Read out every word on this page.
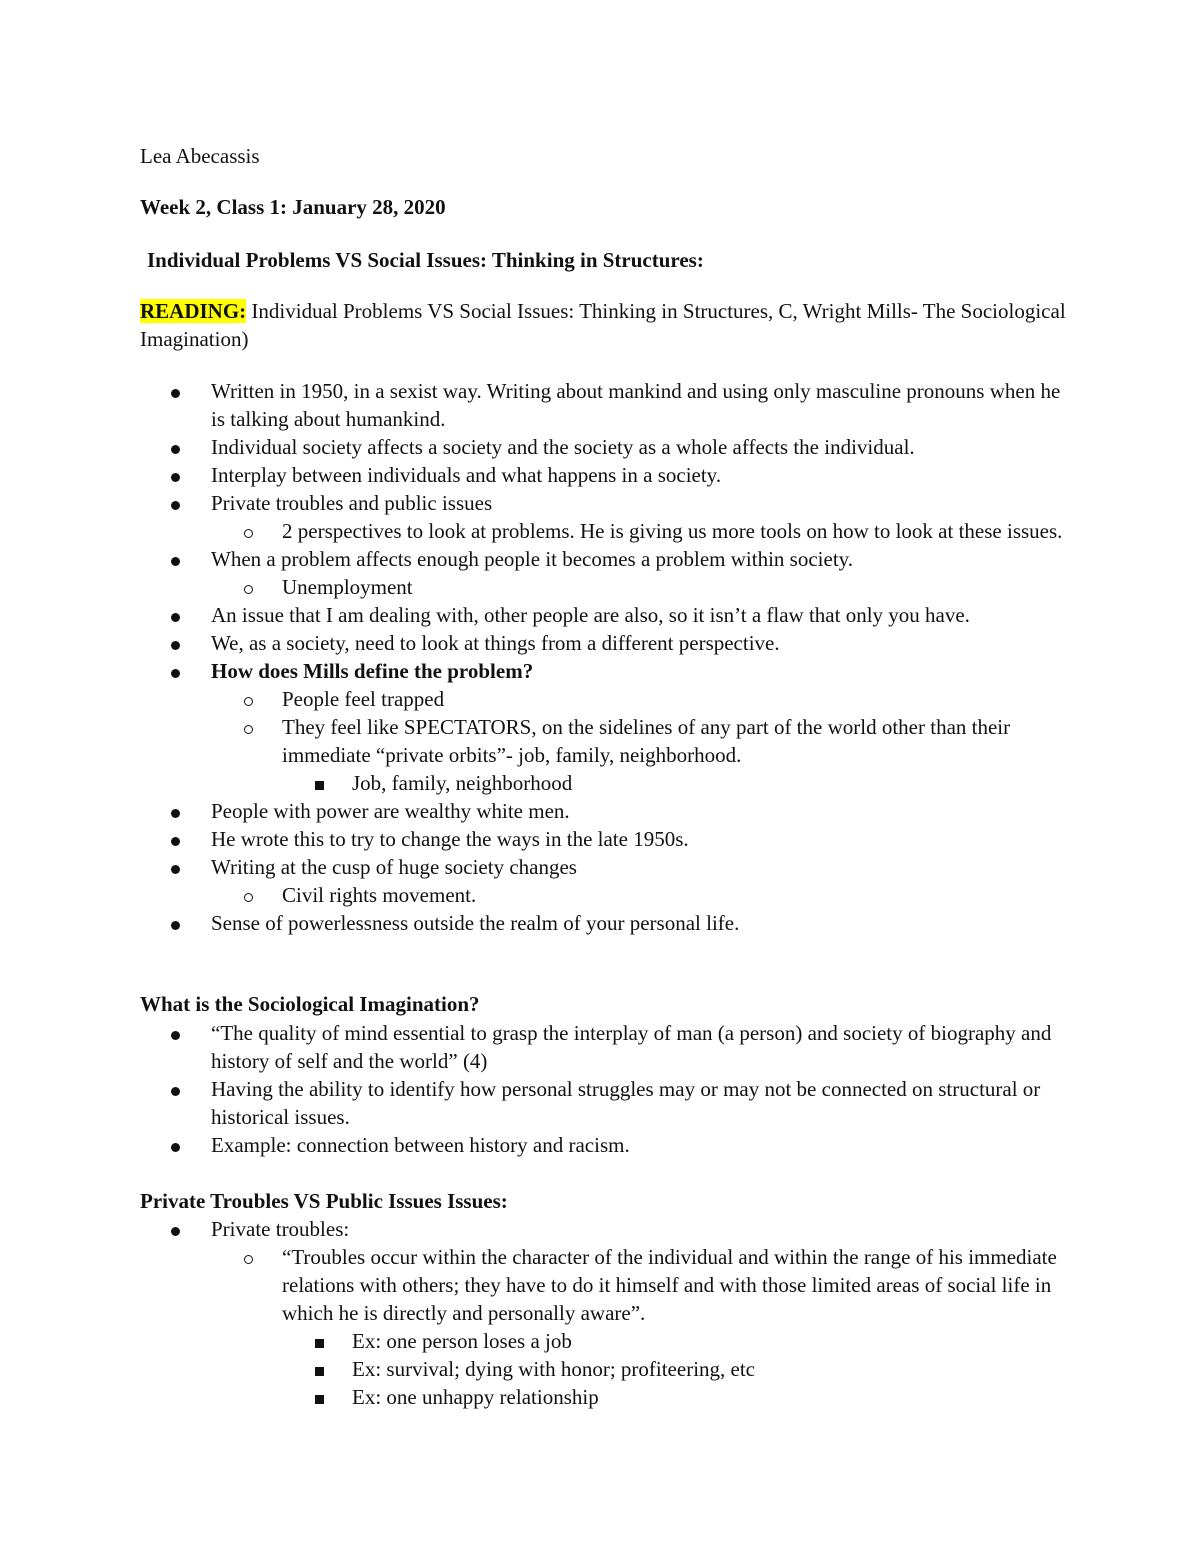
Lea Abecassis

Week 2, Class 1: January 28, 2020

Individual Problems VS Social Issues: Thinking in Structures:

READING: Individual Problems VS Social Issues: Thinking in Structures, C, Wright Mills- The Sociological Imagination)
Written in 1950, in a sexist way. Writing about mankind and using only masculine pronouns when he is talking about humankind.
Individual society affects a society and the society as a whole affects the individual.
Interplay between individuals and what happens in a society.
Private troubles and public issues
2 perspectives to look at problems. He is giving us more tools on how to look at these issues.
When a problem affects enough people it becomes a problem within society.
Unemployment
An issue that I am dealing with, other people are also, so it isn’t a flaw that only you have.
We, as a society, need to look at things from a different perspective.
How does Mills define the problem?
People feel trapped
They feel like SPECTATORS, on the sidelines of any part of the world other than their immediate “private orbits”- job, family, neighborhood.
Job, family, neighborhood
People with power are wealthy white men.
He wrote this to try to change the ways in the late 1950s.
Writing at the cusp of huge society changes
Civil rights movement.
Sense of powerlessness outside the realm of your personal life.

What is the Sociological Imagination?

“The quality of mind essential to grasp the interplay of man (a person) and society of biography and history of self and the world” (4)
Having the ability to identify how personal struggles may or may not be connected on structural or historical issues.
Example: connection between history and racism.

Private Troubles VS Public Issues Issues:

Private troubles:
“Troubles occur within the character of the individual and within the range of his immediate relations with others; they have to do it himself and with those limited areas of social life in which he is directly and personally aware”.
Ex: one person loses a job
Ex: survival; dying with honor; profiteering, etc
Ex: one unhappy relationship
